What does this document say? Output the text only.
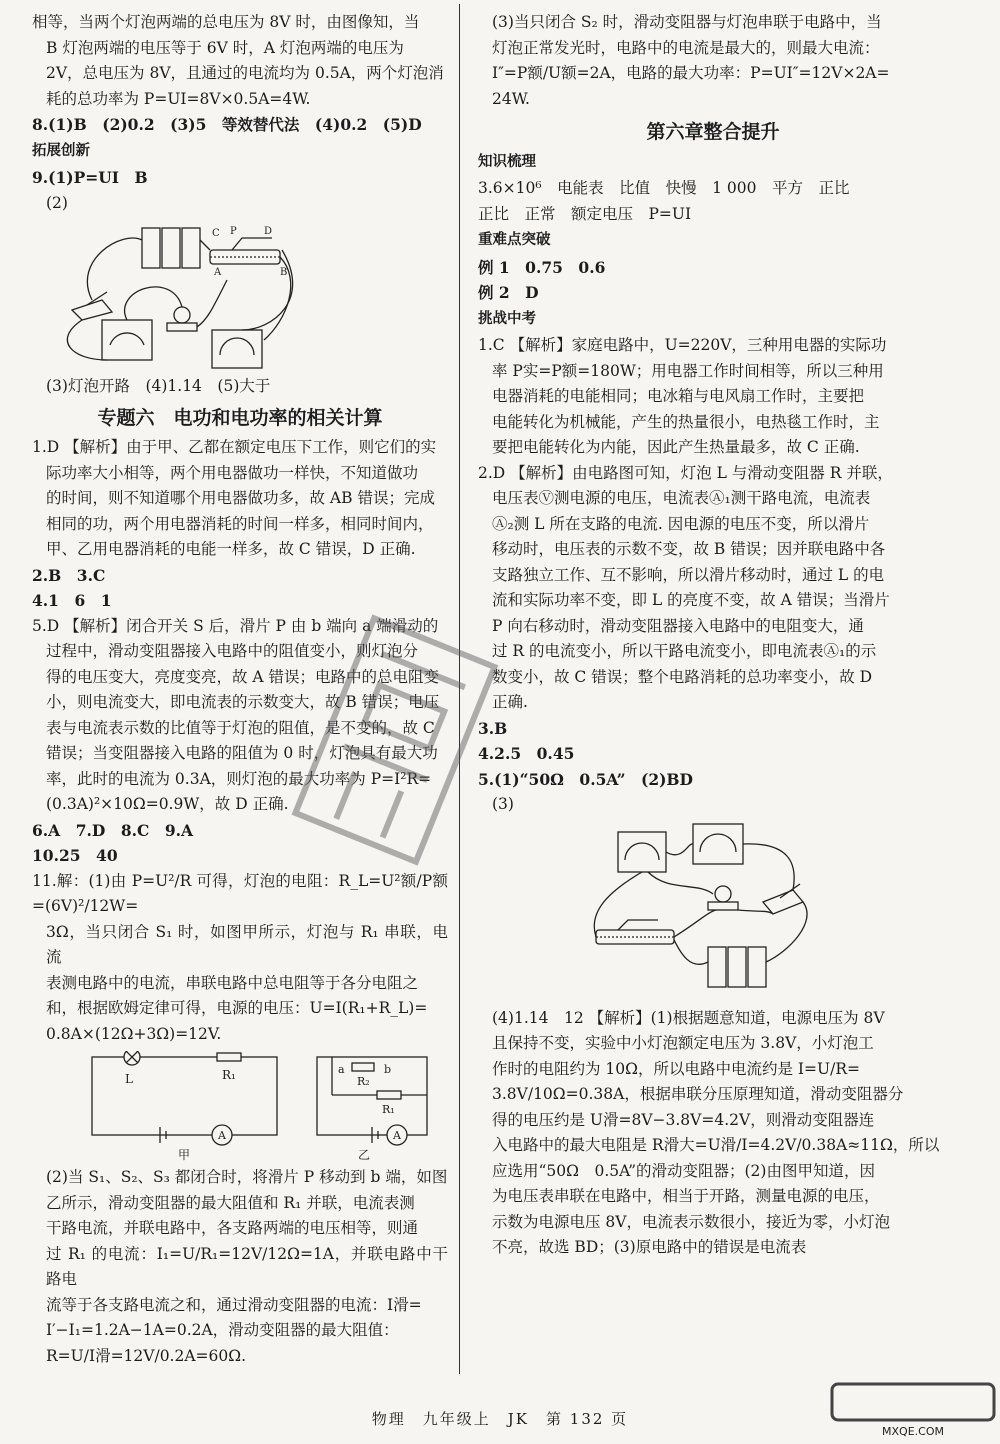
相等，当两个灯泡两端的总电压为 8V 时，由图像知，当
B 灯泡两端的电压等于 6V 时，A 灯泡两端的电压为
2V，总电压为 8V，且通过的电流均为 0.5A，两个灯泡消
耗的总功率为 P=UI=8V×0.5A=4W.
8.(1)B　(2)0.2　(3)5　等效替代法　(4)0.2　(5)D
拓展创新
9.(1)P=UI　B
(2)
C P	D
A	B
(3)灯泡开路　(4)1.14　(5)大于
专题六　电功和电功率的相关计算
1.D 【解析】由于甲、乙都在额定电压下工作，则它们的实
际功率大小相等，两个用电器做功一样快，不知道做功
的时间，则不知道哪个用电器做功多，故 AB 错误；完成
相同的功，两个用电器消耗的时间一样多，相同时间内，
甲、乙用电器消耗的电能一样多，故 C 错误，D 正确.
2.B　3.C
4.1　6　1
5.D 【解析】闭合开关 S 后，滑片 P 由 b 端向 a 端滑动的
过程中，滑动变阻器接入电路中的阻值变小，则灯泡分
得的电压变大，亮度变亮，故 A 错误；电路中的总电阻变
小，则电流变大，即电流表的示数变大，故 B 错误；电压
表与电流表示数的比值等于灯泡的阻值，是不变的，故 C
错误；当变阻器接入电路的阻值为 0 时，灯泡具有最大功
率，此时的电流为 0.3A，则灯泡的最大功率为 P=I²R=
(0.3A)²×10Ω=0.9W，故 D 正确.
6.A　7.D　8.C　9.A
10.25　40
11.解：(1)由 P=U²/R 可得，灯泡的电阻：R_L=U²额/P额=(6V)²/12W=
3Ω，当只闭合 S₁ 时，如图甲所示，灯泡与 R₁ 串联，电流
表测电路中的电流，串联电路中总电阻等于各分电阻之
和，根据欧姆定律可得，电源的电压：U=I(R₁+R_L)=
0.8A×(12Ω+3Ω)=12V.
L	R₁
A
甲
a
R₂
b
R₁
A
乙
(2)当 S₁、S₂、S₃ 都闭合时，将滑片 P 移动到 b 端，如图
乙所示，滑动变阻器的最大阻值和 R₁ 并联，电流表测
干路电流，并联电路中，各支路两端的电压相等，则通
过 R₁ 的电流：I₁=U/R₁=12V/12Ω=1A，并联电路中干路电
流等于各支路电流之和，通过滑动变阻器的电流：I滑=
I′−I₁=1.2A−1A=0.2A，滑动变阻器的最大阻值：
R=U/I滑=12V/0.2A=60Ω.
(3)当只闭合 S₂ 时，滑动变阻器与灯泡串联于电路中，当
灯泡正常发光时，电路中的电流是最大的，则最大电流：
I″=P额/U额=2A，电路的最大功率：P=UI″=12V×2A=
24W.
第六章整合提升
知识梳理
3.6×10⁶　电能表　比值　快慢　1 000　平方　正比
正比　正常　额定电压　P=UI
重难点突破
例 1　0.75　0.6
例 2　D
挑战中考
1.C 【解析】家庭电路中，U=220V，三种用电器的实际功
率 P实=P额=180W；用电器工作时间相等，所以三种用
电器消耗的电能相同；电冰箱与电风扇工作时，主要把
电能转化为机械能，产生的热量很小，电热毯工作时，主
要把电能转化为内能，因此产生热量最多，故 C 正确.
2.D 【解析】由电路图可知，灯泡 L 与滑动变阻器 R 并联，
电压表Ⓥ测电源的电压，电流表Ⓐ₁测干路电流，电流表
Ⓐ₂测 L 所在支路的电流. 因电源的电压不变，所以滑片
移动时，电压表的示数不变，故 B 错误；因并联电路中各
支路独立工作、互不影响，所以滑片移动时，通过 L 的电
流和实际功率不变，即 L 的亮度不变，故 A 错误；当滑片
P 向右移动时，滑动变阻器接入电路中的电阻变大，通
过 R 的电流变小，所以干路电流变小，即电流表Ⓐ₁的示
数变小，故 C 错误；整个电路消耗的总功率变小，故 D
正确.
3.B
4.2.5　0.45
5.(1)“50Ω　0.5A”　(2)BD
(3)
(4)1.14　12 【解析】(1)根据题意知道，电源电压为 8V
且保持不变，实验中小灯泡额定电压为 3.8V，小灯泡工
作时的电阻约为 10Ω，所以电路中电流约是 I=U/R=
3.8V/10Ω=0.38A，根据串联分压原理知道，滑动变阻器分
得的电压约是 U滑=8V−3.8V=4.2V，则滑动变阻器连
入电路中的最大电阻是 R滑大=U滑/I=4.2V/0.38A≈11Ω，所以
应选用“50Ω　0.5A”的滑动变阻器；(2)由图甲知道，因
为电压表串联在电路中，相当于开路，测量电源的电压，
示数为电源电压 8V，电流表示数很小，接近为零，小灯泡
不亮，故选 BD；(3)原电路中的错误是电流表
物理　九年级上　JK　第 132 页
MXQE.COM
